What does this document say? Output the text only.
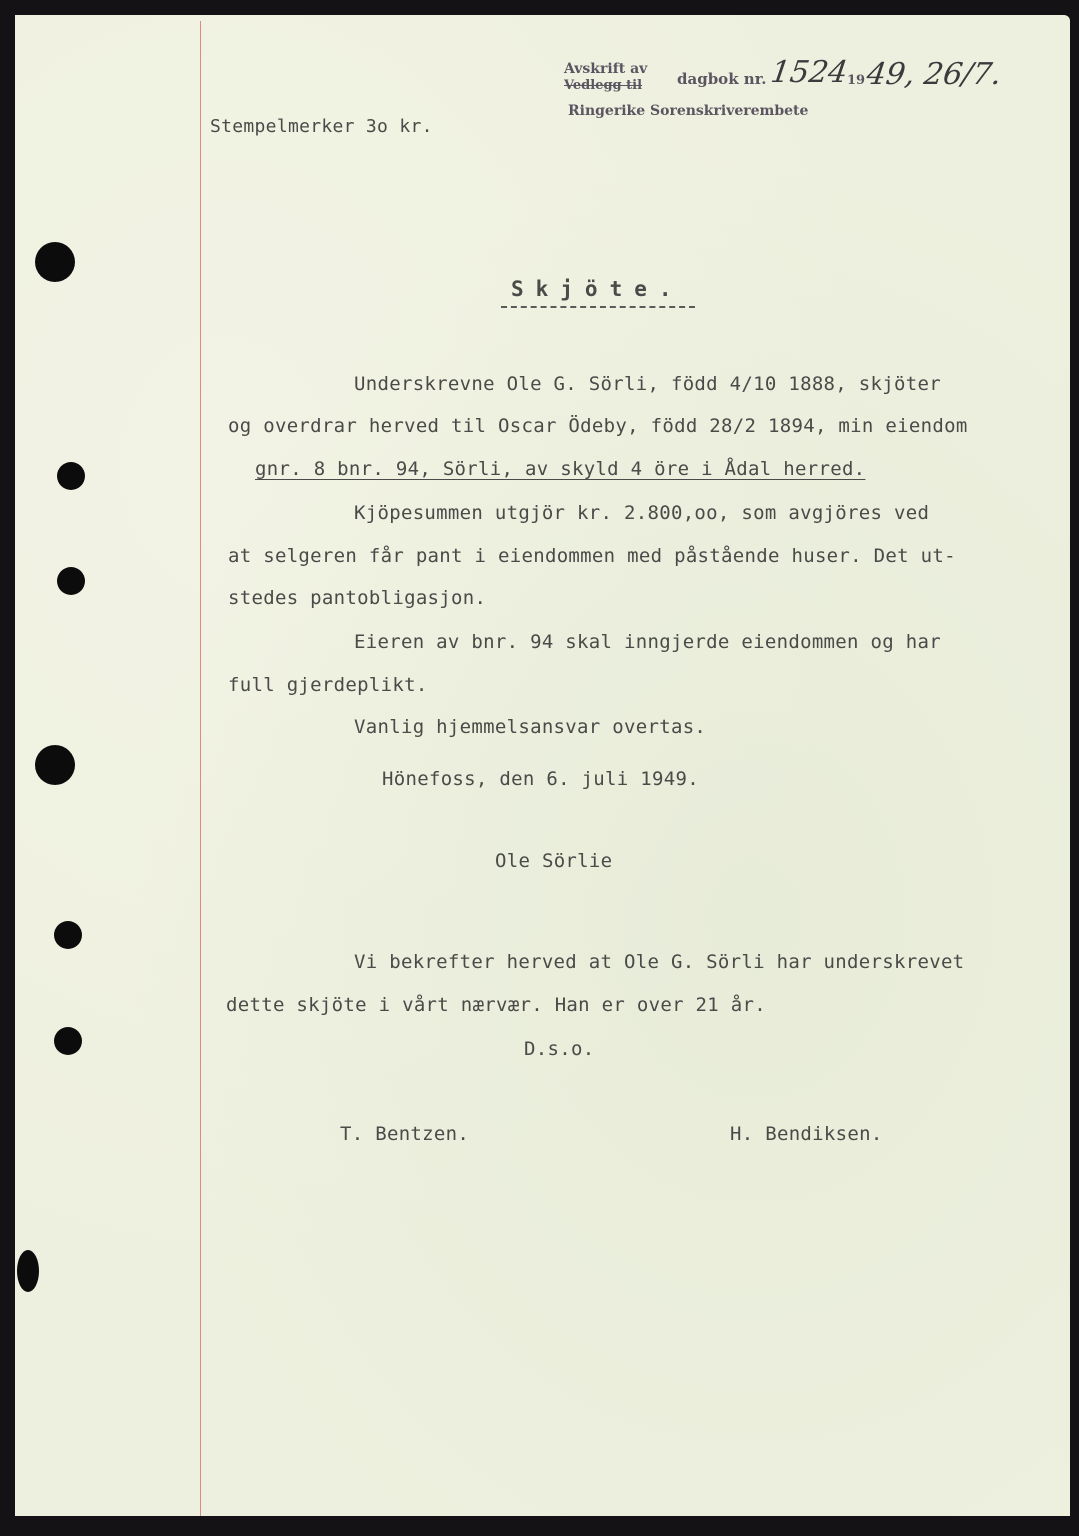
Avskrift av
Vedlegg til dagbok nr. 1524
19 49, 26/7.
Ringerike Sorenskriverembete
Stempelmerker 3o kr.
Skjöte.
Underskrevne Ole G. Sörli, född 4/10 1888, skjöter
og overdrar herved til Oscar Ödeby, född 28/2 1894, min eiendom
gnr. 8 bnr. 94, Sörli, av skyld 4 öre i Ådal herred.
Kjöpesummen utgjör kr. 2.800,oo, som avgjöres ved
at selgeren får pant i eiendommen med påstående huser. Det ut-
stedes pantobligasjon.
Eieren av bnr. 94 skal inngjerde eiendommen og har
full gjerdeplikt.
Vanlig hjemmelsansvar overtas.
Hönefoss, den 6. juli 1949.
Ole Sörlie
Vi bekrefter herved at Ole G. Sörli har underskrevet
dette skjöte i vårt nærvær. Han er over 21 år.
D.s.o.
T. Bentzen.	H. Bendiksen.
